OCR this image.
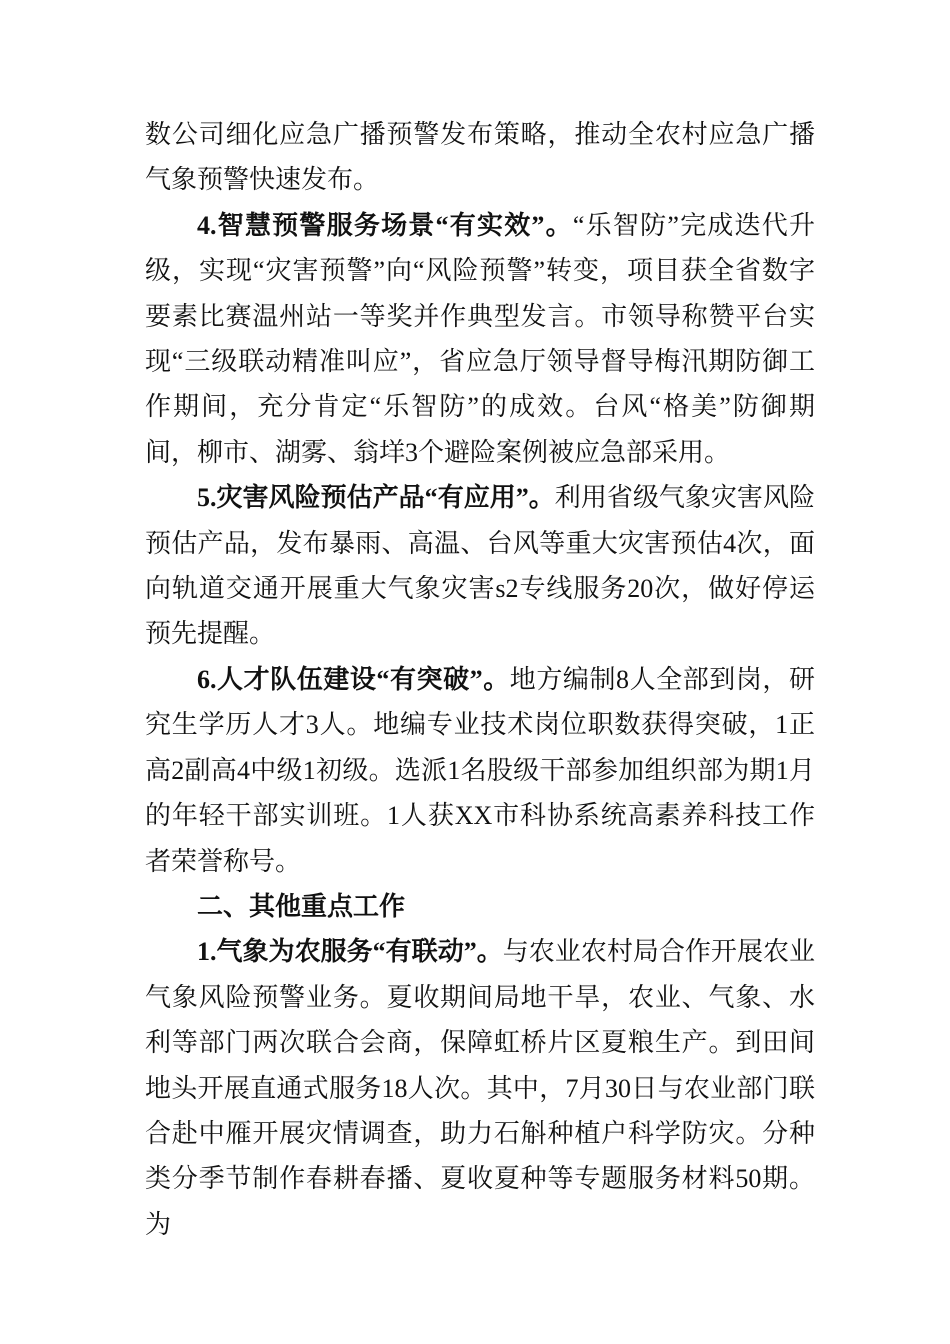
数公司细化应急广播预警发布策略，推动全农村应急广播气象预警快速发布。

4.智慧预警服务场景“有实效”。“乐智防”完成迭代升级，实现“灾害预警”向“风险预警”转变，项目获全省数字要素比赛温州站一等奖并作典型发言。市领导称赞平台实现“三级联动精准叫应”，省应急厅领导督导梅汛期防御工作期间，充分肯定“乐智防”的成效。台风“格美”防御期间，柳市、湖雾、翁垟3个避险案例被应急部采用。

5.灾害风险预估产品“有应用”。利用省级气象灾害风险预估产品，发布暴雨、高温、台风等重大灾害预估4次，面向轨道交通开展重大气象灾害s2专线服务20次，做好停运预先提醒。

6.人才队伍建设“有突破”。地方编制8人全部到岗，研究生学历人才3人。地编专业技术岗位职数获得突破，1正高2副高4中级1初级。选派1名股级干部参加组织部为期1月的年轻干部实训班。1人获XX市科协系统高素养科技工作者荣誉称号。

二、其他重点工作

1.气象为农服务“有联动”。与农业农村局合作开展农业气象风险预警业务。夏收期间局地干旱，农业、气象、水利等部门两次联合会商，保障虹桥片区夏粮生产。到田间地头开展直通式服务18人次。其中，7月30日与农业部门联合赴中雁开展灾情调查，助力石斛种植户科学防灾。分种类分季节制作春耕春播、夏收夏种等专题服务材料50期。为
